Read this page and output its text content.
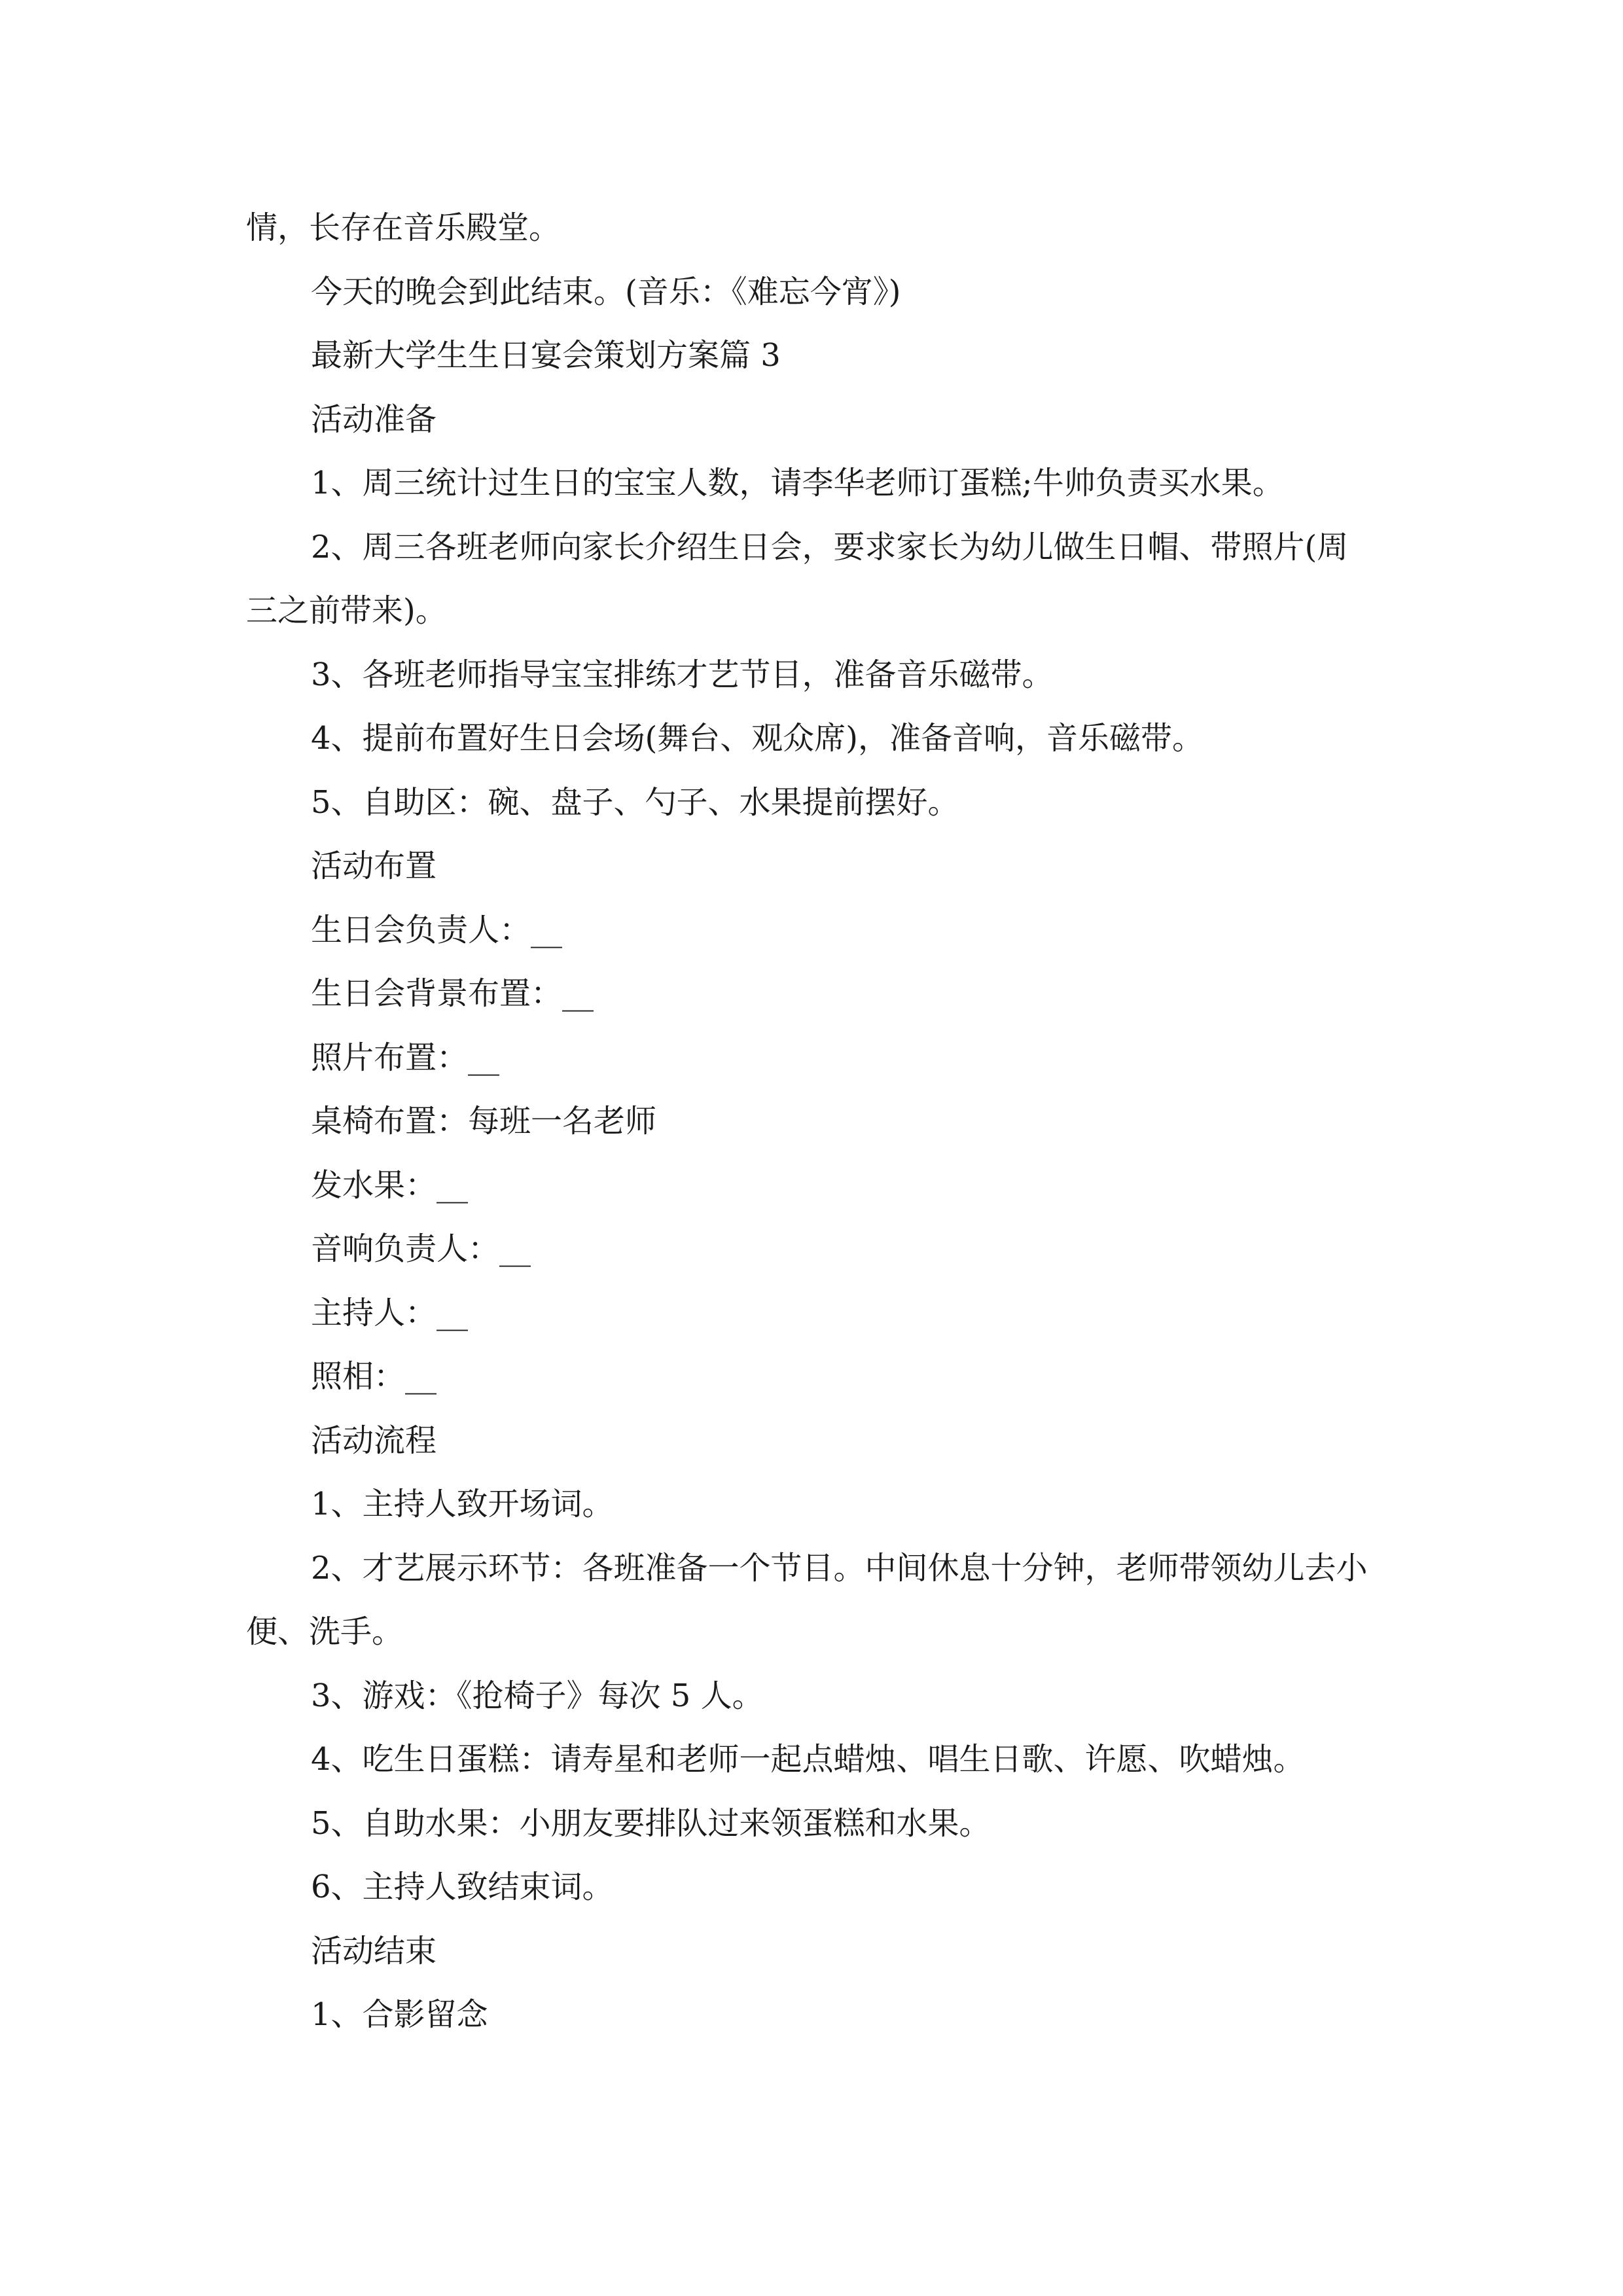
情，长存在音乐殿堂。

今天的晚会到此结束。(音乐：《难忘今宵》)

最新大学生生日宴会策划方案篇 3

活动准备

1、周三统计过生日的宝宝人数，请李华老师订蛋糕;牛帅负责买水果。

2、周三各班老师向家长介绍生日会，要求家长为幼儿做生日帽、带照片(周三之前带来)。

3、各班老师指导宝宝排练才艺节目，准备音乐磁带。

4、提前布置好生日会场(舞台、观众席)，准备音响，音乐磁带。

5、自助区：碗、盘子、勺子、水果提前摆好。

活动布置

生日会负责人：__

生日会背景布置：__

照片布置：__

桌椅布置：每班一名老师

发水果：__

音响负责人：__

主持人：__

照相：__

活动流程

1、主持人致开场词。

2、才艺展示环节：各班准备一个节目。中间休息十分钟，老师带领幼儿去小便、洗手。

3、游戏：《抢椅子》每次 5 人。

4、吃生日蛋糕：请寿星和老师一起点蜡烛、唱生日歌、许愿、吹蜡烛。

5、自助水果：小朋友要排队过来领蛋糕和水果。

6、主持人致结束词。

活动结束

1、合影留念
